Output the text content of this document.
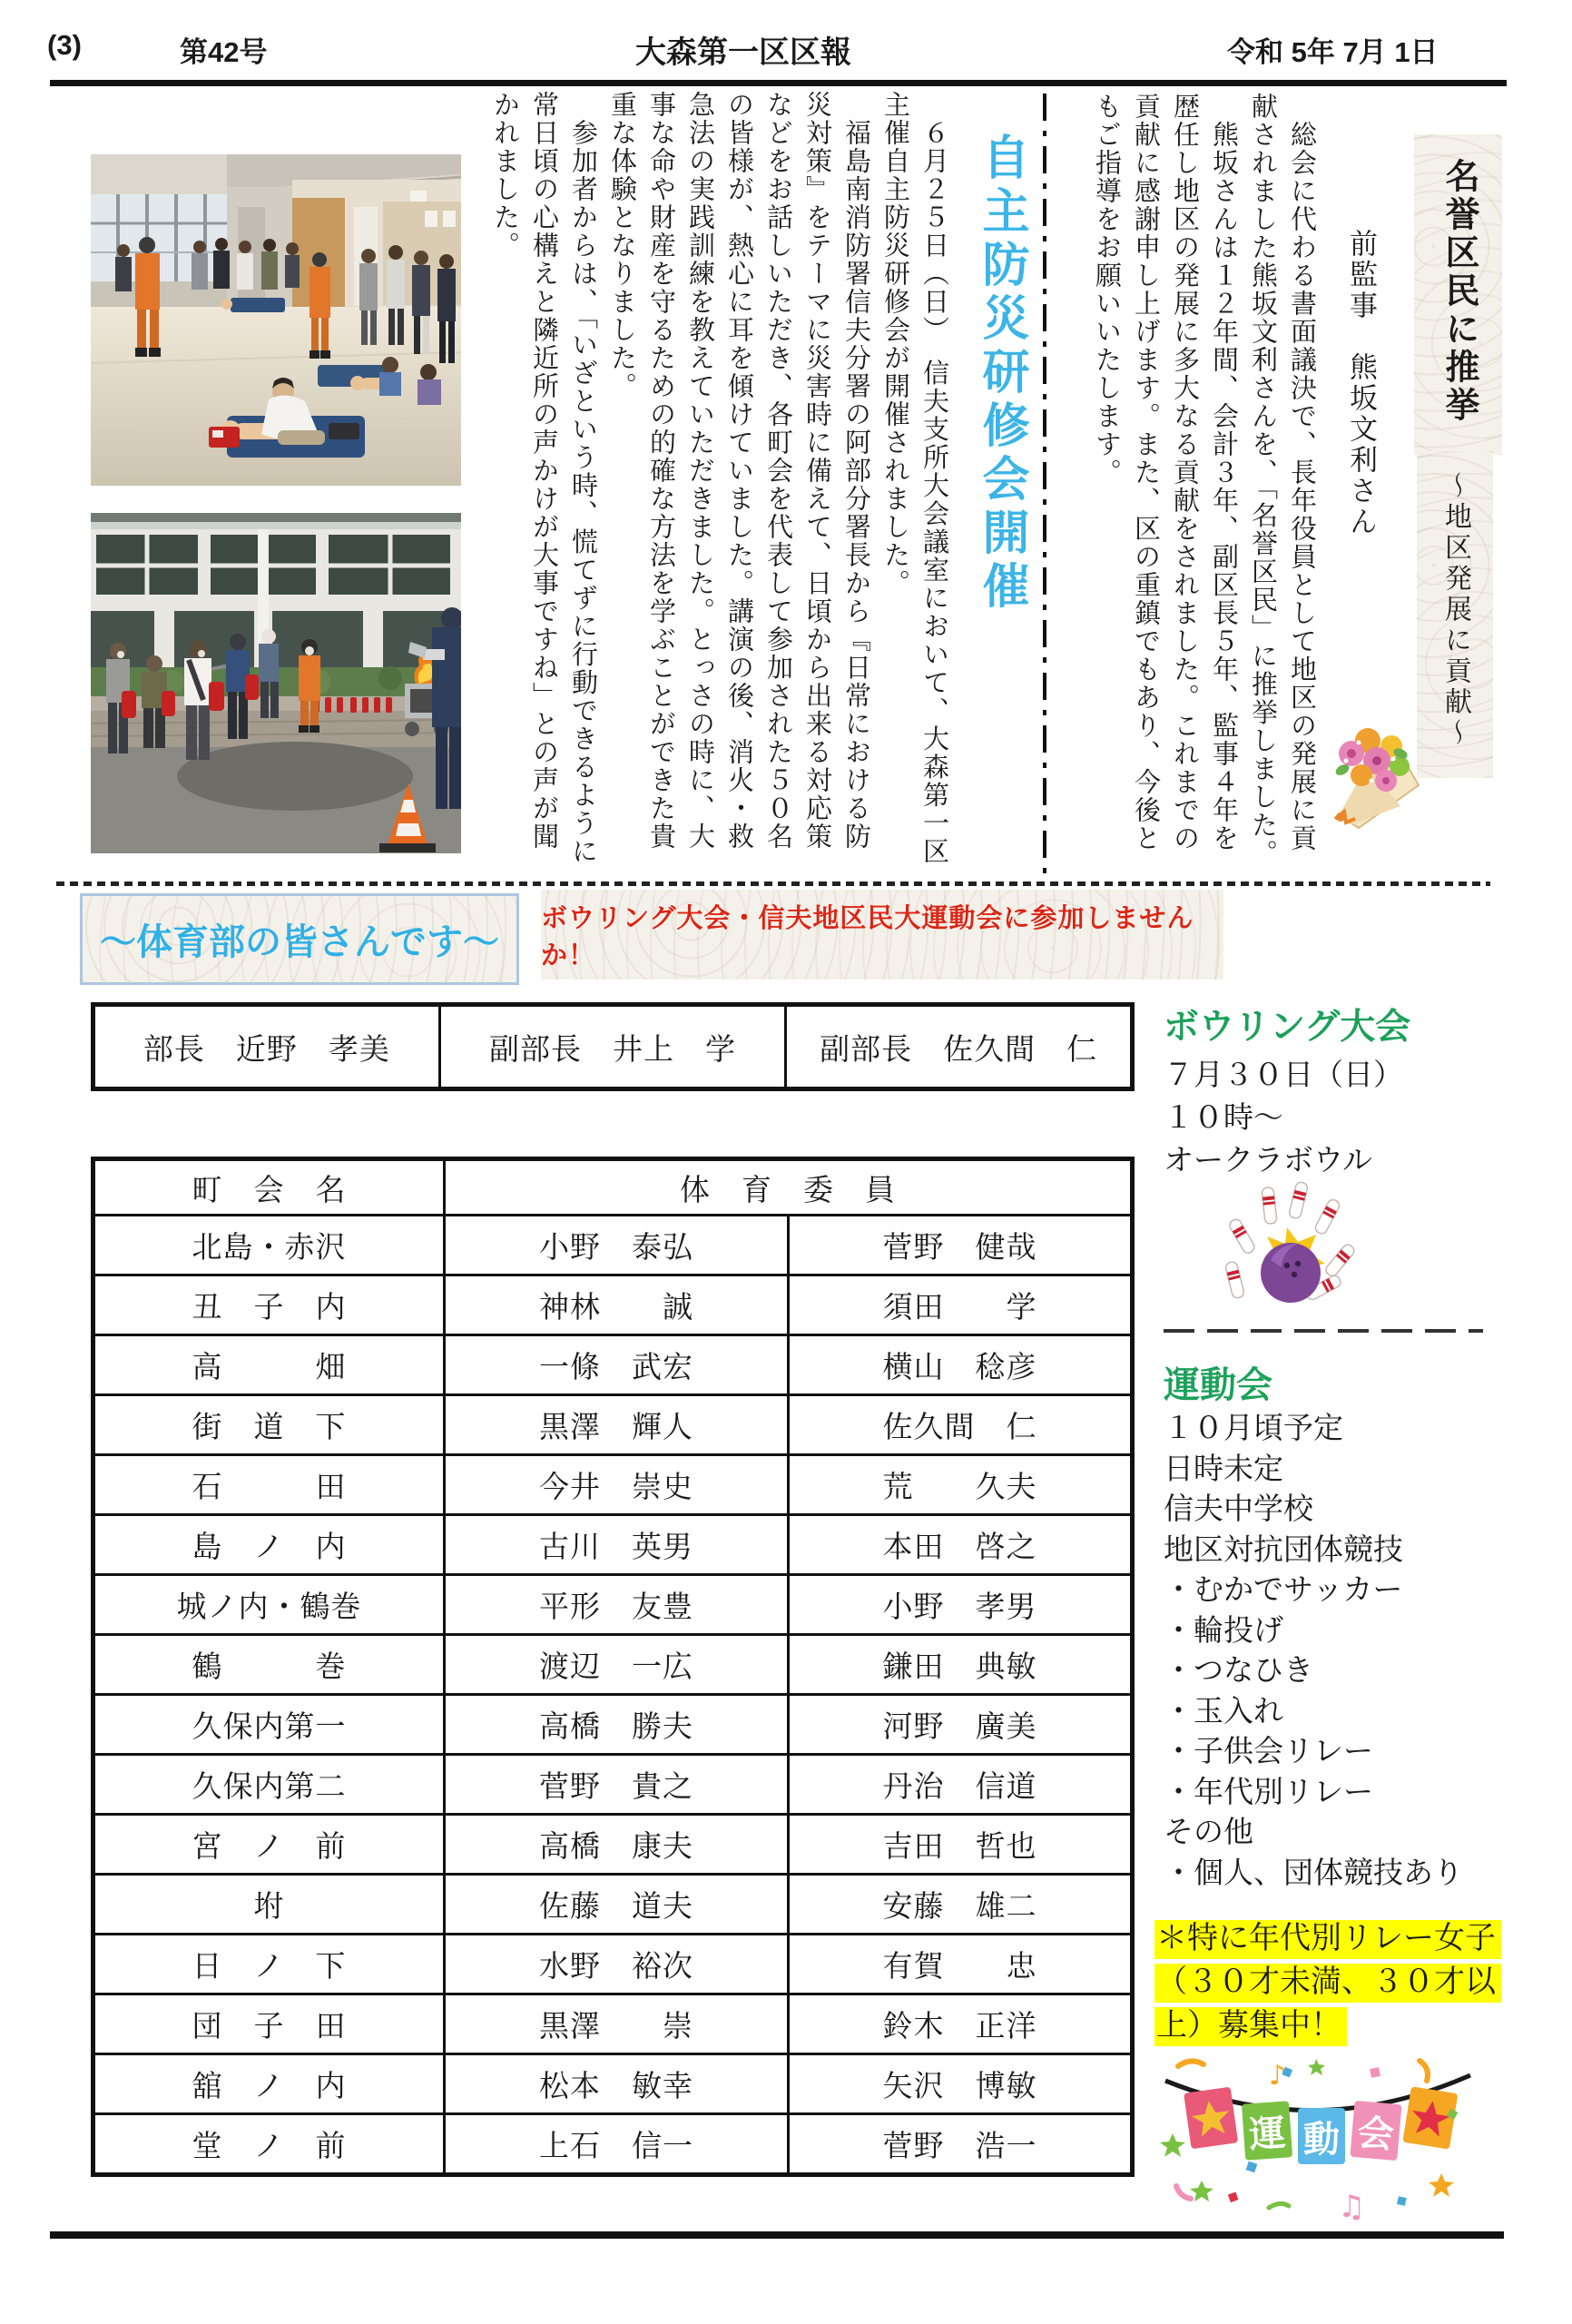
(3)	第42号	大森第一区区報	令和 5年 7月 1日
自主防災研修会開催

　６月２５日（日）　信夫支所大会議室において、大森第一区主催自主防災研修会が開催されました。

　福島南消防署信夫分署の阿部分署長から『日常における防災対策』をテーマに災害時に備えて、日頃から出来る対応策などをお話しいただき、各町会を代表して参加された５０名の皆様が、熱心に耳を傾けていました。講演の後、消火・救急法の実践訓練を教えていただきました。とっさの時に、大事な命や財産を守るための的確な方法を学ぶことができた貴重な体験となりました。

　参加者からは、「いざという時、慌てずに行動できるように常日頃の心構えと隣近所の声かけが大事ですね」との声が聞かれました。	　総会に代わる書面議決で、長年役員として地区の発展に貢献されました熊坂文利さんを、「名誉区民」に推挙しました。

　熊坂さんは１２年間、会計３年、副区長５年、監事４年を歴任し地区の発展に多大なる貢献をされました。これまでの貢献に感謝申し上げます。また、区の重鎮でもあり、今後ともご指導をお願いいたします。	前監事　熊坂文利さん	名誉区民に推挙
～地区発展に貢献～
～体育部の皆さんです～
ボウリング大会・信夫地区民大運動会に参加しませんか！
部長　近野　孝美	副部長　井上　学	副部長　佐久間　仁
町　会　名	体　育　委　員	
北島・赤沢	小野　泰弘	菅野　健哉
丑　子　内	神林　　誠	須田　　学
高　　　畑	一條　武宏	横山　稔彦
街　道　下	黒澤　輝人	佐久間　仁
石　　　田	今井　崇史	荒　　久夫
島　ノ　内	古川　英男	本田　啓之
城ノ内・鶴巻	平形　友豊	小野　孝男
鶴　　　巻	渡辺　一広	鎌田　典敏
久保内第一	高橋　勝夫	河野　廣美
久保内第二	菅野　貴之	丹治　信道
宮　ノ　前	高橋　康夫	吉田　哲也
坿	佐藤　道夫	安藤　雄二
日　ノ　下	水野　裕次	有賀　　忠
団　子　田	黒澤　　崇	鈴木　正洋
舘　ノ　内	松本　敏幸	矢沢　博敏
堂　ノ　前	上石　信一	菅野　浩一
ボウリング大会
７月３０日（日）
１０時～
オークラボウル
運動会
１０月頃予定
日時未定
信夫中学校
地区対抗団体競技
・むかでサッカー
・輪投げ
・つなひき
・玉入れ
・子供会リレー
・年代別リレー
その他
・個人、団体競技あり
＊特に年代別リレー女子
（３０才未満、３０才以
上）募集中！
運 動 会
♪
♫
